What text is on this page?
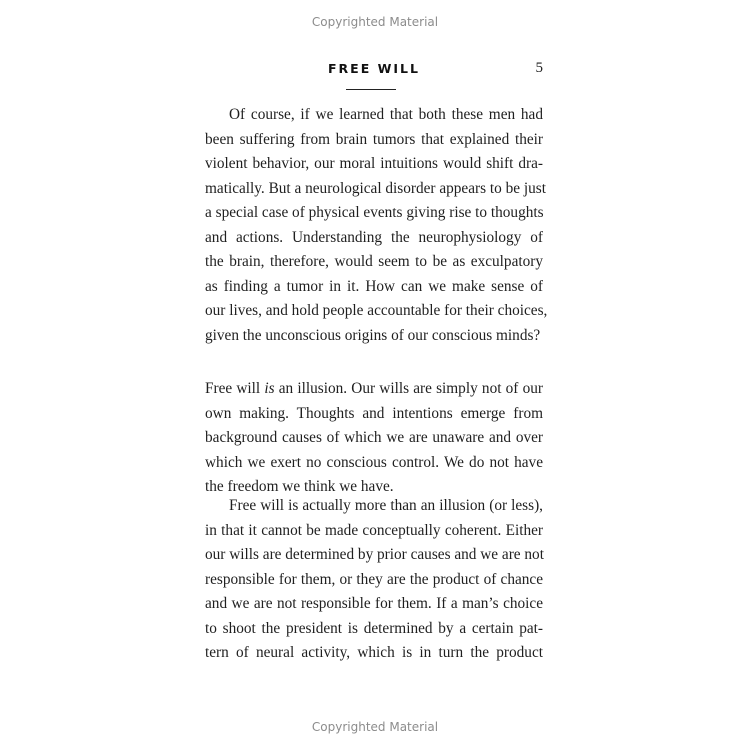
Copyrighted Material
FREE WILL	5
Of course, if we learned that both these men had
been suffering from brain tumors that explained their
violent behavior, our moral intuitions would shift dra-
matically. But a neurological disorder appears to be just
a special case of physical events giving rise to thoughts
and actions. Understanding the neurophysiology of
the brain, therefore, would seem to be as exculpatory
as finding a tumor in it. How can we make sense of
our lives, and hold people accountable for their choices,
given the unconscious origins of our conscious minds?
Free will is an illusion. Our wills are simply not of our
own making. Thoughts and intentions emerge from
background causes of which we are unaware and over
which we exert no conscious control. We do not have
the freedom we think we have.
Free will is actually more than an illusion (or less),
in that it cannot be made conceptually coherent. Either
our wills are determined by prior causes and we are not
responsible for them, or they are the product of chance
and we are not responsible for them. If a man’s choice
to shoot the president is determined by a certain pat-
tern of neural activity, which is in turn the product
Copyrighted Material
